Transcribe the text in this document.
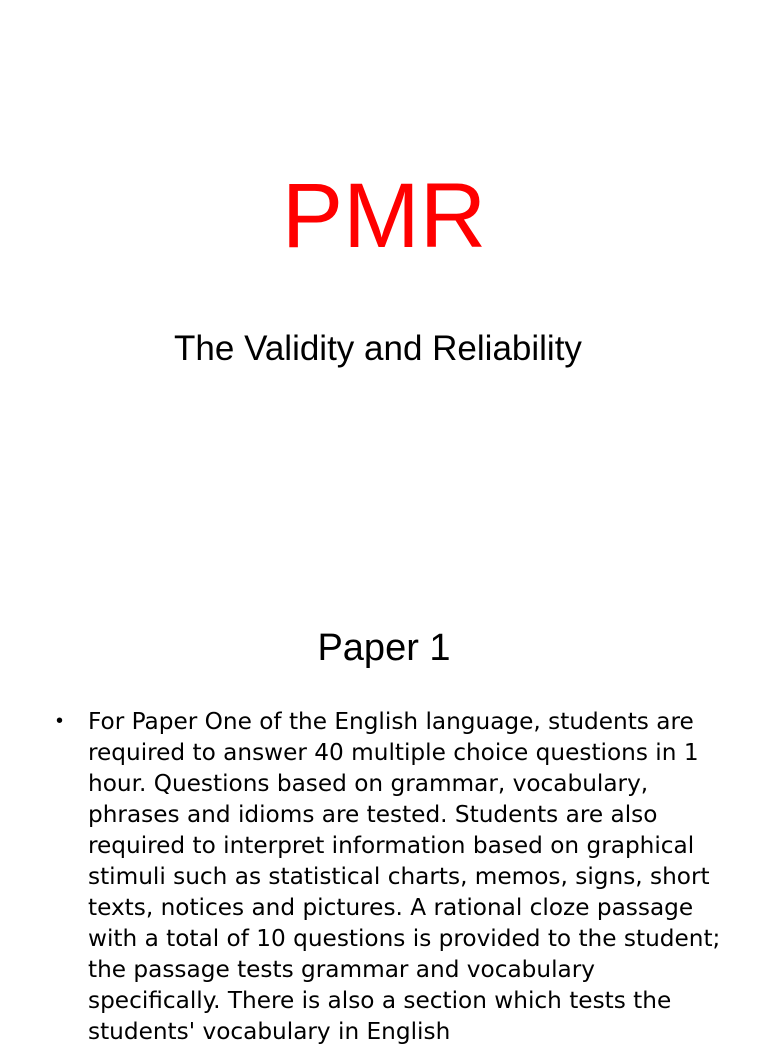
PMR
The Validity and Reliability
Paper 1
• For Paper One of the English language, students are required to answer 40 multiple choice questions in 1 hour. Questions based on grammar, vocabulary, phrases and idioms are tested. Students are also required to interpret information based on graphical stimuli such as statistical charts, memos, signs, short texts, notices and pictures. A rational cloze passage with a total of 10 questions is provided to the student; the passage tests grammar and vocabulary specifically. There is also a section which tests the students' vocabulary in English
